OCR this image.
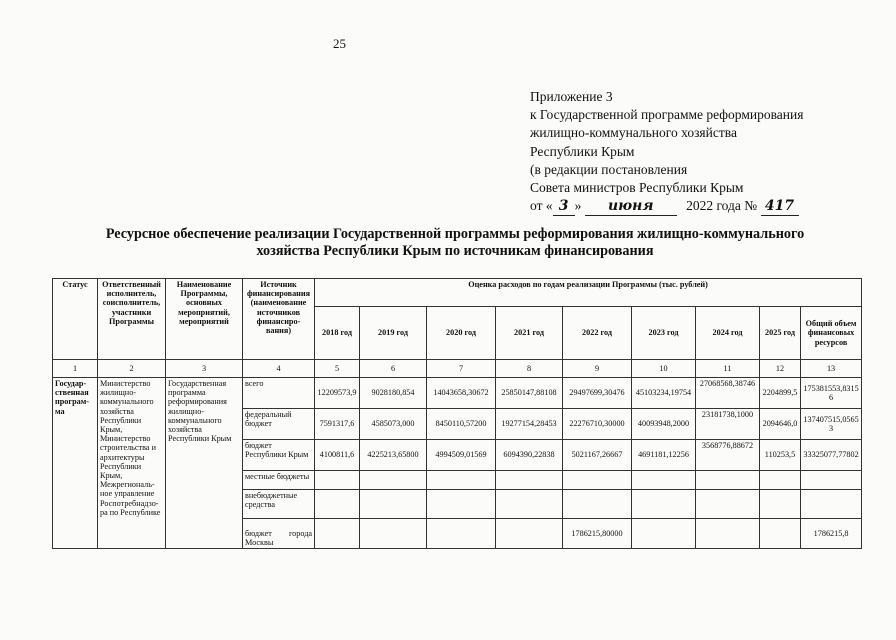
25
Приложение 3
к Государственной программе реформирования
жилищно-коммунального хозяйства
Республики Крым
(в редакции постановления
Совета министров Республики Крым
от « 3 » июня 2022 года № 417
Ресурсное обеспечение реализации Государственной программы реформирования жилищно-коммунального
хозяйства Республики Крым по источникам финансирования
Статус	Ответственный исполнитель, соисполнитель, участники Программы	Наименование Программы, основных мероприятий, мероприятий	Источник финансирования (наименование источников финансиро-вания)	Оценка расходов по годам реализации Программы (тыс. рублей)								
				2018 год	2019 год	2020 год	2021 год	2022 год	2023 год	2024 год	2025 год	Общий объем финансовых ресурсов
1	2	3	4	5	6	7	8	9	10	11	12	13
Государ-ственная програм-ма	Министерство жилищно-коммунального хозяйства Республики Крым, Министерство строительства и архитектуры Республики Крым, Межрегиональ-ное управление Роспотребнадзо-ра по Республике	Государственная программа реформирования жилищно-коммунального хозяйства Республики Крым	всего	12209573,9	9028180,854	14043658,30672	25850147,88108	29497699,30476	45103234,19754	27068568,38746	2204899,5	175381553,83156
			федеральный бюджет	7591317,6	4585073,000	8450110,57200	19277154,28453	22276710,30000	40093948,2000	23181738,1000	2094646,0	137407515,05653
			бюджет Республики Крым	4100811,6	4225213,65800	4994509,01569	6094390,22838	5021167,26667	4691181,12256	3568776,88672	110253,5	33325077,77802
			местные бюджеты									
			внебюджетные средства									
			бюджет города Москвы					1786215,80000				1786215,8
